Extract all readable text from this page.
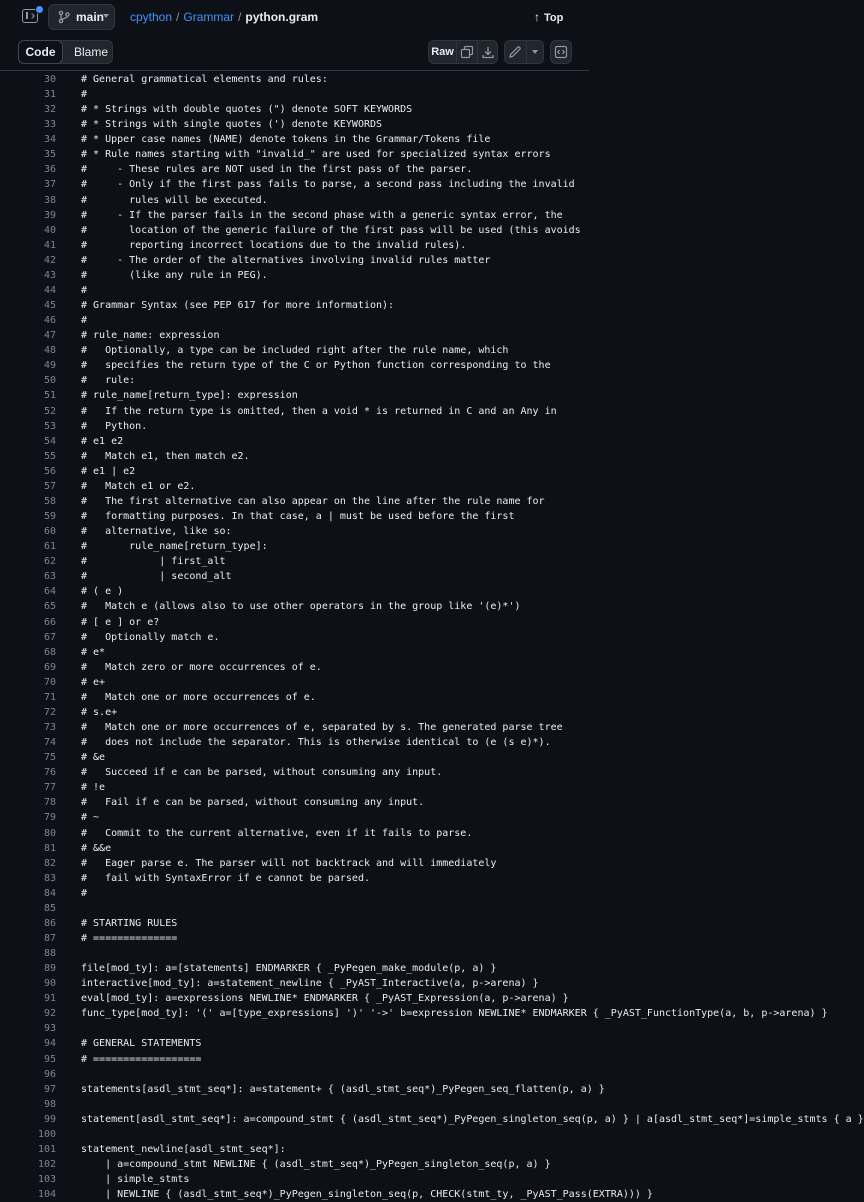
main cpython / Grammar / python.gram	↑ Top
Code	Blame	Raw
30	# General grammatical elements and rules:
31	#
32	# * Strings with double quotes (") denote SOFT KEYWORDS
33	# * Strings with single quotes (') denote KEYWORDS
34	# * Upper case names (NAME) denote tokens in the Grammar/Tokens file
35	# * Rule names starting with "invalid_" are used for specialized syntax errors
36	#     - These rules are NOT used in the first pass of the parser.
37	#     - Only if the first pass fails to parse, a second pass including the invalid
38	#       rules will be executed.
39	#     - If the parser fails in the second phase with a generic syntax error, the
40	#       location of the generic failure of the first pass will be used (this avoids
41	#       reporting incorrect locations due to the invalid rules).
42	#     - The order of the alternatives involving invalid rules matter
43	#       (like any rule in PEG).
44	#
45	# Grammar Syntax (see PEP 617 for more information):
46	#
47	# rule_name: expression
48	#   Optionally, a type can be included right after the rule name, which
49	#   specifies the return type of the C or Python function corresponding to the
50	#   rule:
51	# rule_name[return_type]: expression
52	#   If the return type is omitted, then a void * is returned in C and an Any in
53	#   Python.
54	# e1 e2
55	#   Match e1, then match e2.
56	# e1 | e2
57	#   Match e1 or e2.
58	#   The first alternative can also appear on the line after the rule name for
59	#   formatting purposes. In that case, a | must be used before the first
60	#   alternative, like so:
61	#       rule_name[return_type]:
62	#            | first_alt
63	#            | second_alt
64	# ( e )
65	#   Match e (allows also to use other operators in the group like '(e)*')
66	# [ e ] or e?
67	#   Optionally match e.
68	# e*
69	#   Match zero or more occurrences of e.
70	# e+
71	#   Match one or more occurrences of e.
72	# s.e+
73	#   Match one or more occurrences of e, separated by s. The generated parse tree
74	#   does not include the separator. This is otherwise identical to (e (s e)*).
75	# &e
76	#   Succeed if e can be parsed, without consuming any input.
77	# !e
78	#   Fail if e can be parsed, without consuming any input.
79	# ~
80	#   Commit to the current alternative, even if it fails to parse.
81	# &&e
82	#   Eager parse e. The parser will not backtrack and will immediately
83	#   fail with SyntaxError if e cannot be parsed.
84	#
85
86	# STARTING RULES
87	# ==============
88
89	file[mod_ty]: a=[statements] ENDMARKER { _PyPegen_make_module(p, a) }
90	interactive[mod_ty]: a=statement_newline { _PyAST_Interactive(a, p->arena) }
91	eval[mod_ty]: a=expressions NEWLINE* ENDMARKER { _PyAST_Expression(a, p->arena) }
92	func_type[mod_ty]: '(' a=[type_expressions] ')' '->' b=expression NEWLINE* ENDMARKER { _PyAST_FunctionType(a, b, p->arena) }
93
94	# GENERAL STATEMENTS
95	# ==================
96
97	statements[asdl_stmt_seq*]: a=statement+ { (asdl_stmt_seq*)_PyPegen_seq_flatten(p, a) }
98
99	statement[asdl_stmt_seq*]: a=compound_stmt { (asdl_stmt_seq*)_PyPegen_singleton_seq(p, a) } | a[asdl_stmt_seq*]=simple_stmts { a }
100
101	statement_newline[asdl_stmt_seq*]:
102	| a=compound_stmt NEWLINE { (asdl_stmt_seq*)_PyPegen_singleton_seq(p, a) }
103	| simple_stmts
104	| NEWLINE { (asdl_stmt_seq*)_PyPegen_singleton_seq(p, CHECK(stmt_ty, _PyAST_Pass(EXTRA))) }
